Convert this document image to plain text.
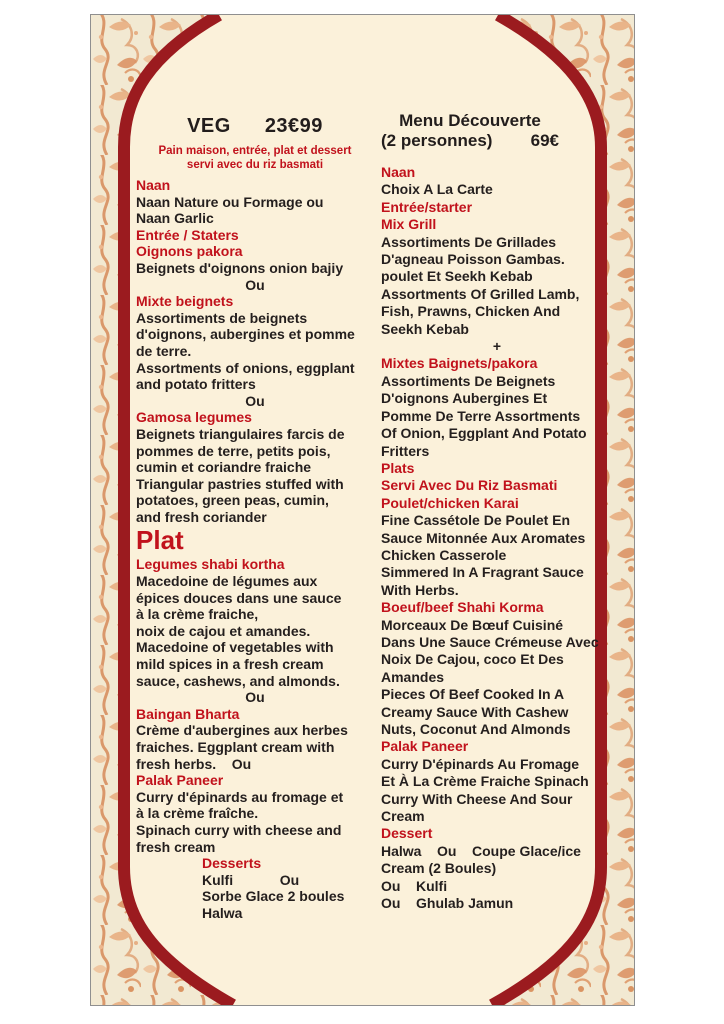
VEG 23€99
Pain maison, entrée, plat et dessert
servi avec du riz basmati
Naan
Naan Nature ou Formage ou
Naan Garlic
Entrée / Staters
Oignons pakora
Beignets d'oignons onion bajiy
Ou
Mixte beignets
Assortiments de beignets
d'oignons, aubergines et pomme
de terre.
Assortments of onions, eggplant
and potato fritters
Ou
Gamosa legumes
Beignets triangulaires farcis de
pommes de terre, petits pois,
cumin et coriandre fraiche
Triangular pastries stuffed with
potatoes, green peas, cumin,
and fresh coriander
Plat
Legumes shabi kortha
Macedoine de légumes aux
épices douces dans une sauce
à la crème fraiche,
noix de cajou et amandes.
Macedoine of vegetables with
mild spices in a fresh cream
sauce, cashews, and almonds.
Ou
Baingan Bharta
Crème d'aubergines aux herbes
fraiches. Eggplant cream with
fresh herbs.    Ou
Palak Paneer
Curry d'épinards au fromage et
à la crème fraîche.
Spinach curry with cheese and
fresh cream
Desserts
Kulfi            Ou
Sorbe Glace 2 boules
Halwa
Menu Découverte
(2 personnes) 69€
Naan
Choix A La Carte
Entrée/starter
Mix Grill
Assortiments De Grillades
D'agneau Poisson Gambas.
poulet Et Seekh Kebab
Assortments Of Grilled Lamb,
Fish, Prawns, Chicken And
Seekh Kebab
+
Mixtes Baignets/pakora
Assortiments De Beignets
D'oignons Aubergines Et
Pomme De Terre Assortments
Of Onion, Eggplant And Potato
Fritters
Plats
Servi Avec Du Riz Basmati
Poulet/chicken Karai
Fine Cassétole De Poulet En
Sauce Mitonnée Aux Aromates
Chicken Casserole
Simmered In A Fragrant Sauce
With Herbs.
Boeuf/beef Shahi Korma
Morceaux De Bœuf Cuisiné
Dans Une Sauce Crémeuse Avec
Noix De Cajou, coco Et Des
Amandes
Pieces Of Beef Cooked In A
Creamy Sauce With Cashew
Nuts, Coconut And Almonds
Palak Paneer
Curry D'épinards Au Fromage
Et À La Crème Fraiche Spinach
Curry With Cheese And Sour
Cream
Dessert
Halwa    Ou    Coupe Glace/ice
Cream (2 Boules)
Ou    Kulfi
Ou    Ghulab Jamun
